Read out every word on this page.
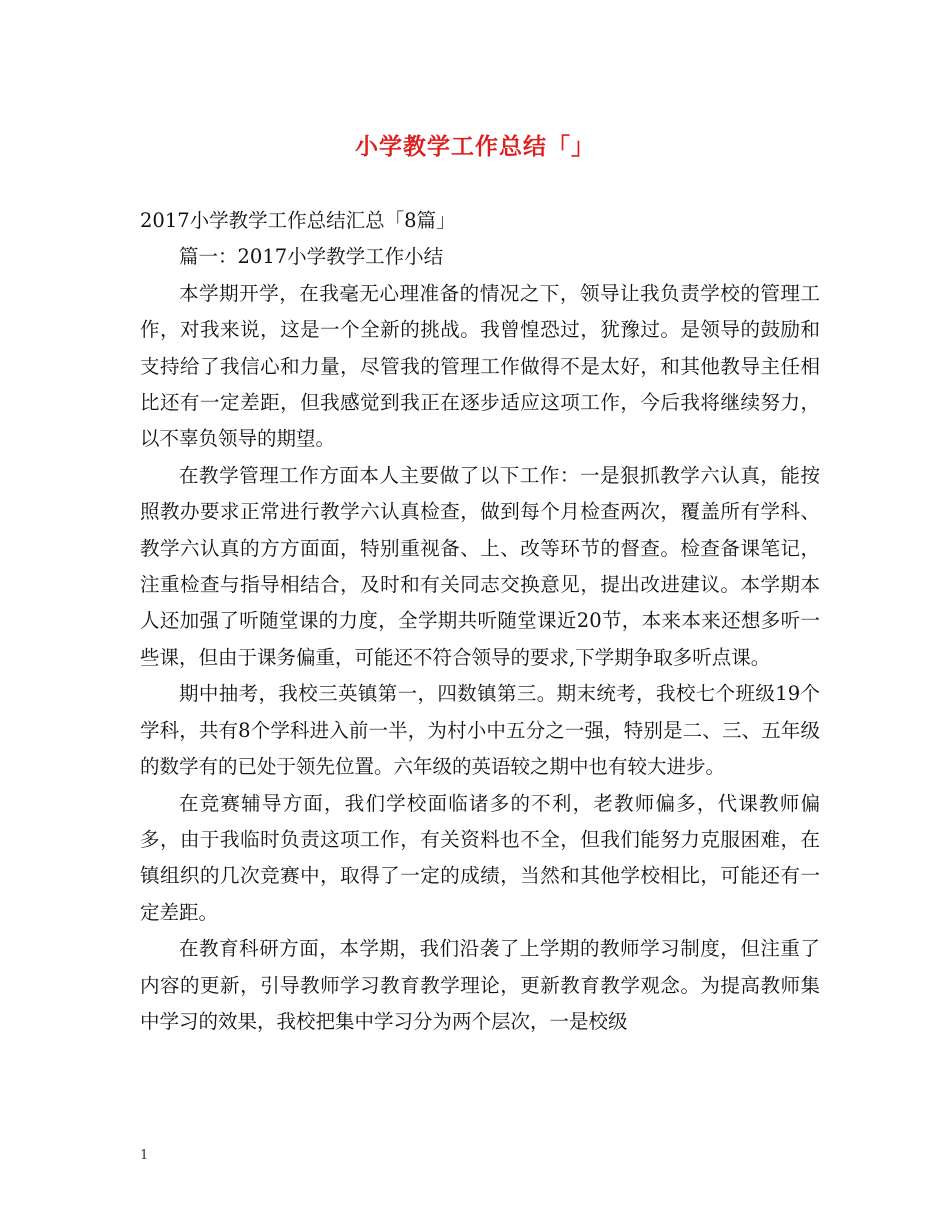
小学教学工作总结「」

2017小学教学工作总结汇总「8篇」

篇一：2017小学教学工作小结

本学期开学，在我毫无心理准备的情况之下，领导让我负责学校的管理工作，对我来说，这是一个全新的挑战。我曾惶恐过，犹豫过。是领导的鼓励和支持给了我信心和力量，尽管我的管理工作做得不是太好，和其他教导主任相比还有一定差距，但我感觉到我正在逐步适应这项工作，今后我将继续努力，以不辜负领导的期望。

在教学管理工作方面本人主要做了以下工作：一是狠抓教学六认真，能按照教办要求正常进行教学六认真检查，做到每个月检查两次，覆盖所有学科、教学六认真的方方面面，特别重视备、上、改等环节的督查。检查备课笔记，注重检查与指导相结合，及时和有关同志交换意见，提出改进建议。本学期本人还加强了听随堂课的力度，全学期共听随堂课近20节，本来本来还想多听一些课，但由于课务偏重，可能还不符合领导的要求,下学期争取多听点课。

期中抽考，我校三英镇第一，四数镇第三。期末统考，我校七个班级19个学科，共有8个学科进入前一半，为村小中五分之一强，特别是二、三、五年级的数学有的已处于领先位置。六年级的英语较之期中也有较大进步。

在竞赛辅导方面，我们学校面临诸多的不利，老教师偏多，代课教师偏多，由于我临时负责这项工作，有关资料也不全，但我们能努力克服困难，在镇组织的几次竞赛中，取得了一定的成绩，当然和其他学校相比，可能还有一定差距。

在教育科研方面，本学期，我们沿袭了上学期的教师学习制度，但注重了内容的更新，引导教师学习教育教学理论，更新教育教学观念。为提高教师集中学习的效果，我校把集中学习分为两个层次，一是校级

1
